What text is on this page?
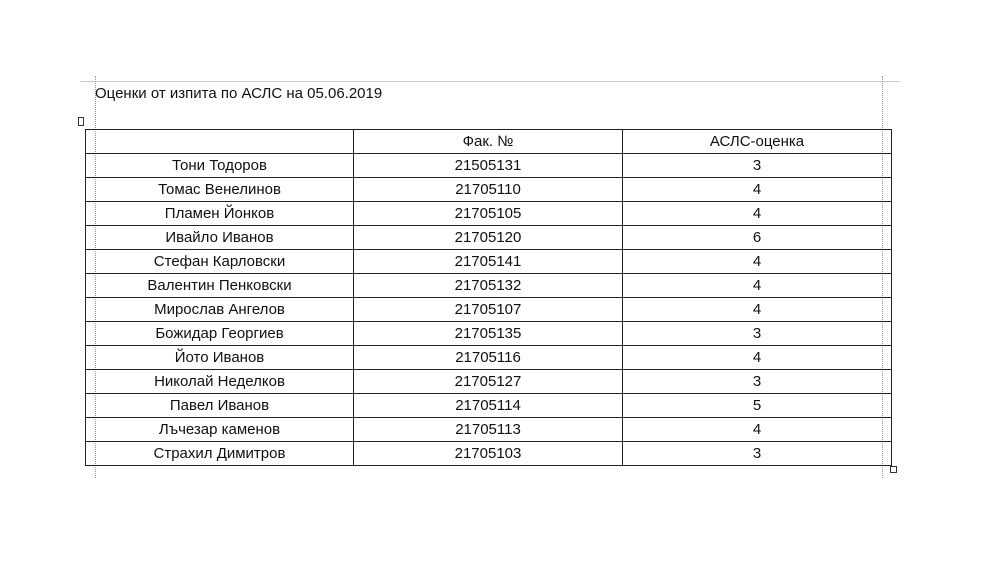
Оценки от изпита по АСЛС на 05.06.2019
	Фак. №	АСЛС-оценка
Тони Тодоров	21505131	3
Томас Венелинов	21705110	4
Пламен Йонков	21705105	4
Ивайло Иванов	21705120	6
Стефан Карловски	21705141	4
Валентин Пенковски	21705132	4
Мирослав Ангелов	21705107	4
Божидар Георгиев	21705135	3
Йото Иванов	21705116	4
Николай Неделков	21705127	3
Павел Иванов	21705114	5
Лъчезар каменов	21705113	4
Страхил Димитров	21705103	3
